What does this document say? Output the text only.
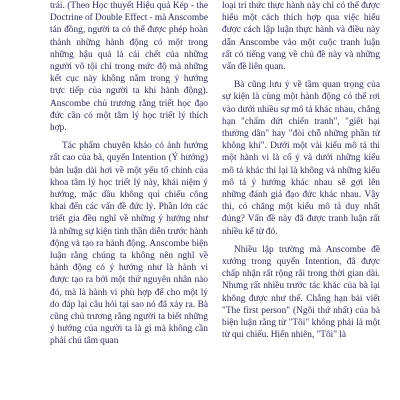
trái. (Theo Học thuyết Hiệu quả Kép - the Doctrine of Double Effect - mà Anscombe tán đồng, người ta có thể được phép hoàn thành những hành động có một trong những hậu quả là cái chết của những người vô tội chỉ trong mức độ mà những kết cục này không nằm trong ý hướng trực tiếp của người ta khi hành động). Anscombe chủ trương rằng triết học đạo đức cần có một tâm lý học triết lý thích hợp.

Tác phẩm chuyên khảo có ảnh hưởng rất cao của bà, quyển Intention (Ý hướng) bàn luận dài hơi về một yếu tố chính của khoa tâm lý học triết lý này, khái niệm ý hướng, mặc dầu không qui chiếu công khai đến các vấn đề đức lý. Phần lớn các triết gia đều nghĩ về những ý hướng như là những sự kiện tinh thần diễn trước hành động và tạo ra hành động. Anscombe biện luận rằng chúng ta không nên nghĩ về hành động có ý hướng như là hành vi được tạo ra bởi một thứ nguyên nhân nào đó, mà là hành vi phù hợp để cho một lý do đáp lại câu hỏi tại sao nó đã xảy ra. Bà cũng chủ trương rằng người ta biết những ý hướng của người ta là gì mà không cần phải chú tâm quan

loại trí thức thực hành này chỉ có thể được hiểu một cách thích hợp qua việc hiểu được cách lập luận thực hành và điều này dẫn Anscombe vào một cuộc tranh luận rất có tiếng vang về chủ đề này và những vấn đề liên quan.

Bà cũng lưu ý về tầm quan trọng của sự kiện là cùng một hành động có thể rơi vào dưới nhiều sự mô tả khác nhau, chẳng hạn "chấm dứt chiến tranh", "giết hại thường dân" hay "đòi chỗ những phần tử không khí". Dưới một vài kiểu mô tả thì một hành vi là cố ý và dưới những kiểu mô tả khác thì lại là không và những kiểu mô tả ý hướng khác nhau sẽ gợi lên những đánh giá đạo đức khác nhau. Vậy thì, có chăng một kiểu mô tả duy nhất đúng? Vấn đề này đã được tranh luận rất nhiều kể từ đó.

Nhiều lập trường mà Anscombe đề xướng trong quyển Intention, đã được chấp nhận rất rộng rãi trong thời gian dài. Nhưng rất nhiều trước tác khác của bà lại không được như thế. Chẳng hạn bài viết "The first person" (Ngôi thứ nhất) của bà biện luận rằng từ "Tôi" không phải là một từ qui chiếu. Hiển nhiên, "Tôi" là
